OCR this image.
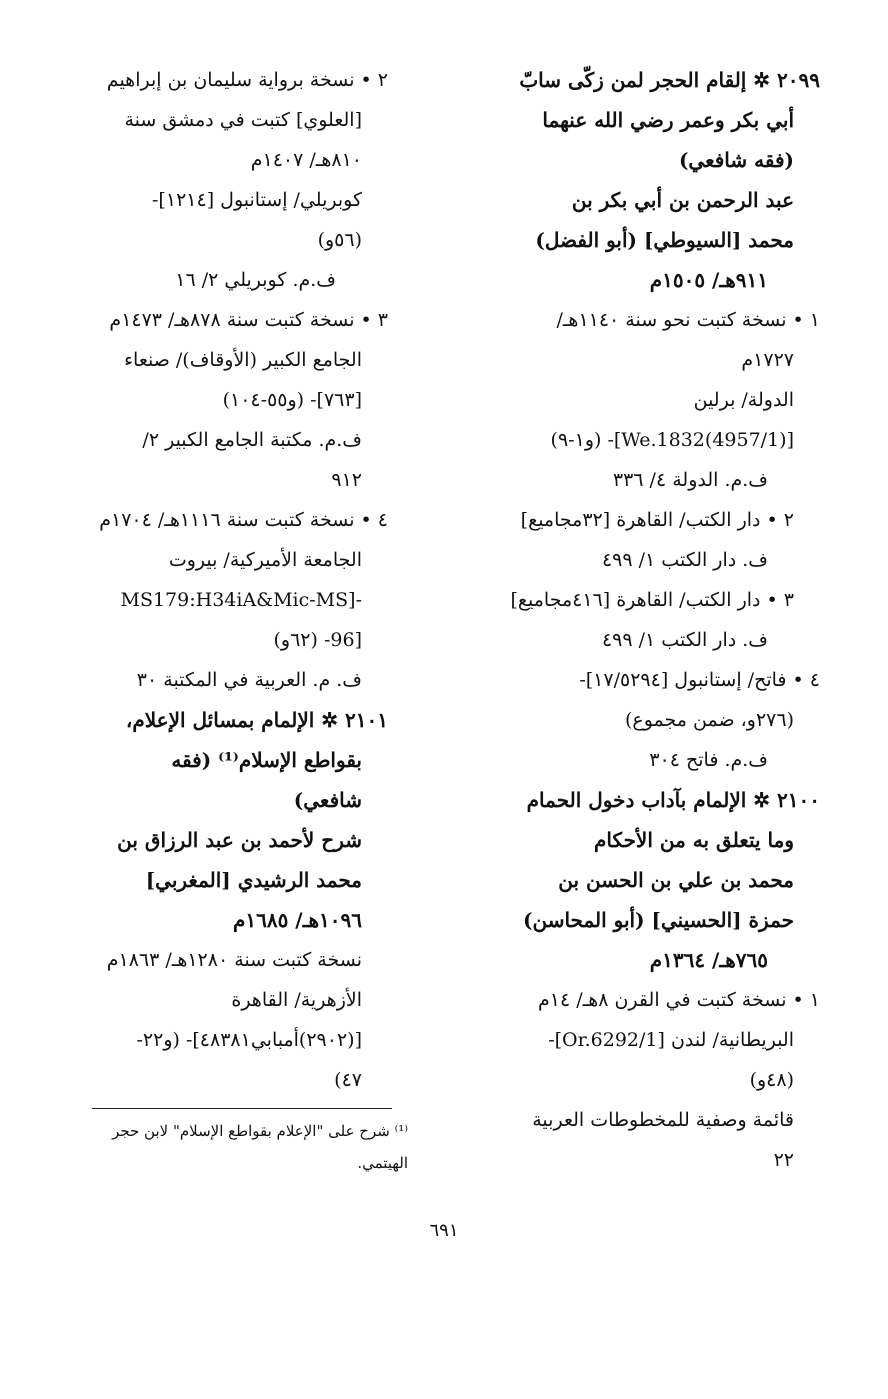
٢٠٩٩ ✲ إلقام الحجر لمن زكّى سابّ
أبي بكر وعمر رضي الله عنهما
(فقه شافعي)
عبد الرحمن بن أبي بكر بن
محمد [السيوطي] (أبو الفضل)
٩١١هـ/ ١٥٠٥م
١ • نسخة كتبت نحو سنة ١١٤٠هـ/
١٧٢٧م
الدولة/ برلين
[(4957/1)We.1832]- (و١-٩)
ف.م. الدولة ٤/ ٣٣٦
٢ • دار الكتب/ القاهرة [٣٢مجاميع]
ف. دار الكتب ١/ ٤٩٩
٣ • دار الكتب/ القاهرة [٤١٦مجاميع]
ف. دار الكتب ١/ ٤٩٩
٤ • فاتح/ إستانبول [١٧/٥٢٩٤]-
(٢٧٦و، ضمن مجموع)
ف.م. فاتح ٣٠٤
٢١٠٠ ✲ الإلمام بآداب دخول الحمام
وما يتعلق به من الأحكام
محمد بن علي بن الحسن بن
حمزة [الحسيني] (أبو المحاسن)
٧٦٥هـ/ ١٣٦٤م
١ • نسخة كتبت في القرن ٨هـ/ ١٤م
البريطانية/ لندن [Or.6292/1]-
(٤٨و)
قائمة وصفية للمخطوطات العربية
٢٢
٢ • نسخة برواية سليمان بن إبراهيم
[العلوي] كتبت في دمشق سنة
٨١٠هـ/ ١٤٠٧م
كوبريلي/ إستانبول [١٢١٤]-
(٥٦و)
ف.م. كوبريلي ٢/ ١٦
٣ • نسخة كتبت سنة ٨٧٨هـ/ ١٤٧٣م
الجامع الكبير (الأوقاف)/ صنعاء
[٧٦٣]- (و٥٥-١٠٤)
ف.م. مكتبة الجامع الكبير ٢/
٩١٢
٤ • نسخة كتبت سنة ١١١٦هـ/ ١٧٠٤م
الجامعة الأميركية/ بيروت
-[MS179:H34iA&Mic-MS
[96- (٦٢و)
ف. م. العربية في المكتبة ٣٠
٢١٠١ ✲ الإلمام بمسائل الإعلام،
بقواطع الإسلام⁽¹⁾ (فقه
شافعي)
شرح لأحمد بن عبد الرزاق بن
محمد الرشيدي [المغربي]
١٠٩٦هـ/ ١٦٨٥م
نسخة كتبت سنة ١٢٨٠هـ/ ١٨٦٣م
الأزهرية/ القاهرة
[(٢٩٠٢)أمبابي٤٨٣٨١]- (و٢٢-
٤٧)
⁽¹⁾ شرح على "الإعلام بقواطع الإسلام" لابن حجر
الهيتمي.
٦٩١
